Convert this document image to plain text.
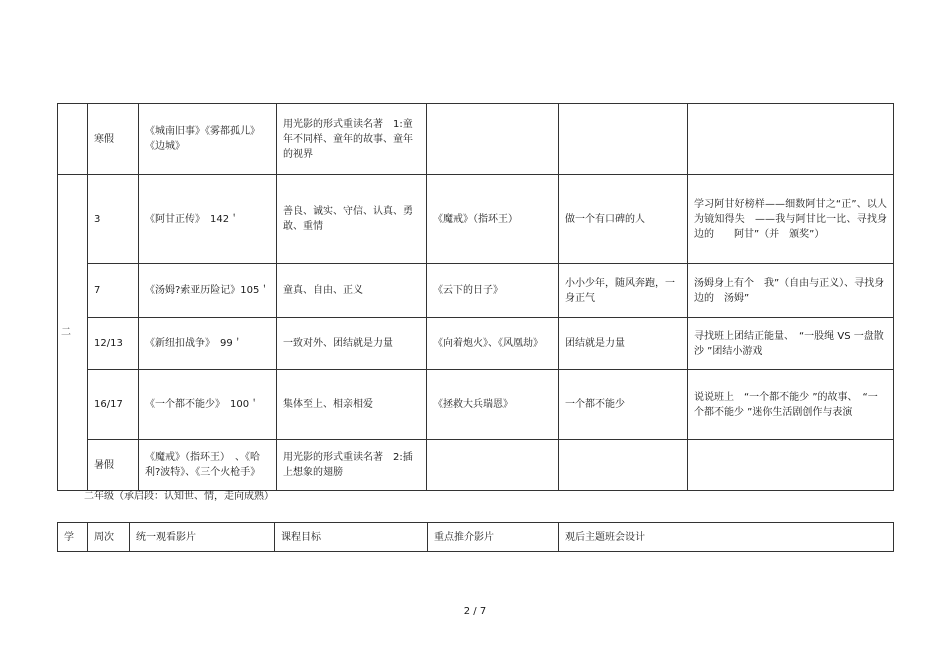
	寒假	《城南旧事》《雾都孤儿》《边城》	用光影的形式重读名著　1:童年不同样、童年的故事、童年的视界			
二	3	《阿甘正传》　142＇	善良、诚实、守信、认真、勇敢、重情	《魔戒》（指环王）	做一个有口碑的人	学习阿甘好榜样——细数阿甘之“正”、以人为镜知得失　——我与阿甘比一比、寻找身边的　　阿甘”（并　颁奖”）
	7	《汤姆?索亚历险记》105＇	童真、自由、正义	《云下的日子》	小小少年，随风奔跑，一身正气	汤姆身上有个　我”（自由与正义）、寻找身边的　汤姆”
	12/13	《新纽扣战争》　99＇	一致对外、团结就是力量	《向着炮火》、《风凰劫》	团结就是力量	寻找班上团结正能量、　“一股绳 VS 一盘散沙 ”团结小游戏
	16/17	《一个都不能少》　100＇	集体至上、相亲相爱	《拯救大兵瑞恩》	一个都不能少	说说班上　“一个都不能少 ”的故事、　“一个都不能少 ”迷你生活剧创作与表演
	暑假	《魔戒》（指环王）　、《哈利?波特》、《三个火枪手》	用光影的形式重读名著　2:插上想象的翅膀			
二年级（承启段：认知世、情，走向成熟）
学	周次	统一观看影片	课程目标	重点推介影片	观后主题班会设计
2 / 7
